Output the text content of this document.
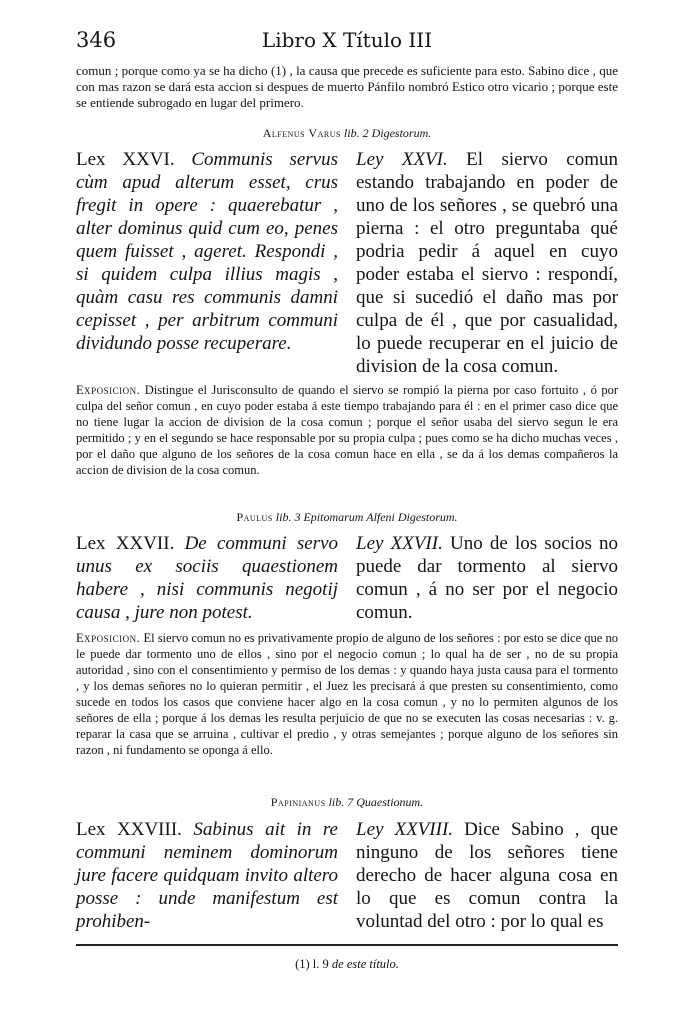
346	Libro X Título III
comun ; porque como ya se ha dicho (1) , la causa que precede es suficiente para esto. Sabino dice , que con mas razon se dará esta accion si despues de muerto Pánfilo nombró Estico otro vicario ; porque este se entiende subrogado en lugar del primero.
Alfenus Varus lib. 2 Digestorum.

Lex XXVI. Communis servus cùm apud alterum esset, crus fregit in opere : quaerebatur , alter dominus quid cum eo, penes quem fuisset , ageret. Respondi , si quidem culpa illius magis , quàm casu res communis damni cepisset , per arbitrum communi dividundo posse recuperare.

Ley XXVI. El siervo comun estando trabajando en poder de uno de los señores , se quebró una pierna : el otro preguntaba qué podria pedir á aquel en cuyo poder estaba el siervo : respondí, que si sucedió el daño mas por culpa de él , que por casualidad, lo puede recuperar en el juicio de division de la cosa comun.

Exposicion. Distingue el Jurisconsulto de quando el siervo se rompió la pierna por caso fortuito , ó por culpa del señor comun , en cuyo poder estaba á este tiempo trabajando para él : en el primer caso dice que no tiene lugar la accion de division de la cosa comun ; porque el señor usaba del siervo segun le era permitido ; y en el segundo se hace responsable por su propia culpa ; pues como se ha dicho muchas veces , por el daño que alguno de los señores de la cosa comun hace en ella , se da á los demas compañeros la accion de division de la cosa comun.
Paulus lib. 3 Epitomarum Alfeni Digestorum.

Lex XXVII. De communi servo unus ex sociis quaestionem habere , nisi communis negotij causa , jure non potest.

Ley XXVII. Uno de los socios no puede dar tormento al siervo comun , á no ser por el negocio comun.

Exposicion. El siervo comun no es privativamente propio de alguno de los señores : por esto se dice que no le puede dar tormento uno de ellos , sino por el negocio comun ; lo qual ha de ser , no de su propia autoridad , sino con el consentimiento y permiso de los demas : y quando haya justa causa para el tormento , y los demas señores no lo quieran permitir , el Juez les precisará á que presten su consentimiento, como sucede en todos los casos que conviene hacer algo en la cosa comun , y no lo permiten algunos de los señores de ella ; porque á los demas les resulta perjuicio de que no se executen las cosas necesarias : v. g. reparar la casa que se arruina , cultivar el predio , y otras semejantes ; porque alguno de los señores sin razon , ni fundamento se oponga á ello.
Papinianus lib. 7 Quaestionum.

Lex XXVIII. Sabinus ait in re communi neminem dominorum jure facere quidquam invito altero posse : unde manifestum est prohiben-

Ley XXVIII. Dice Sabino , que ninguno de los señores tiene derecho de hacer alguna cosa en lo que es comun contra la voluntad del otro : por lo qual es

(1) l. 9 de este título.
